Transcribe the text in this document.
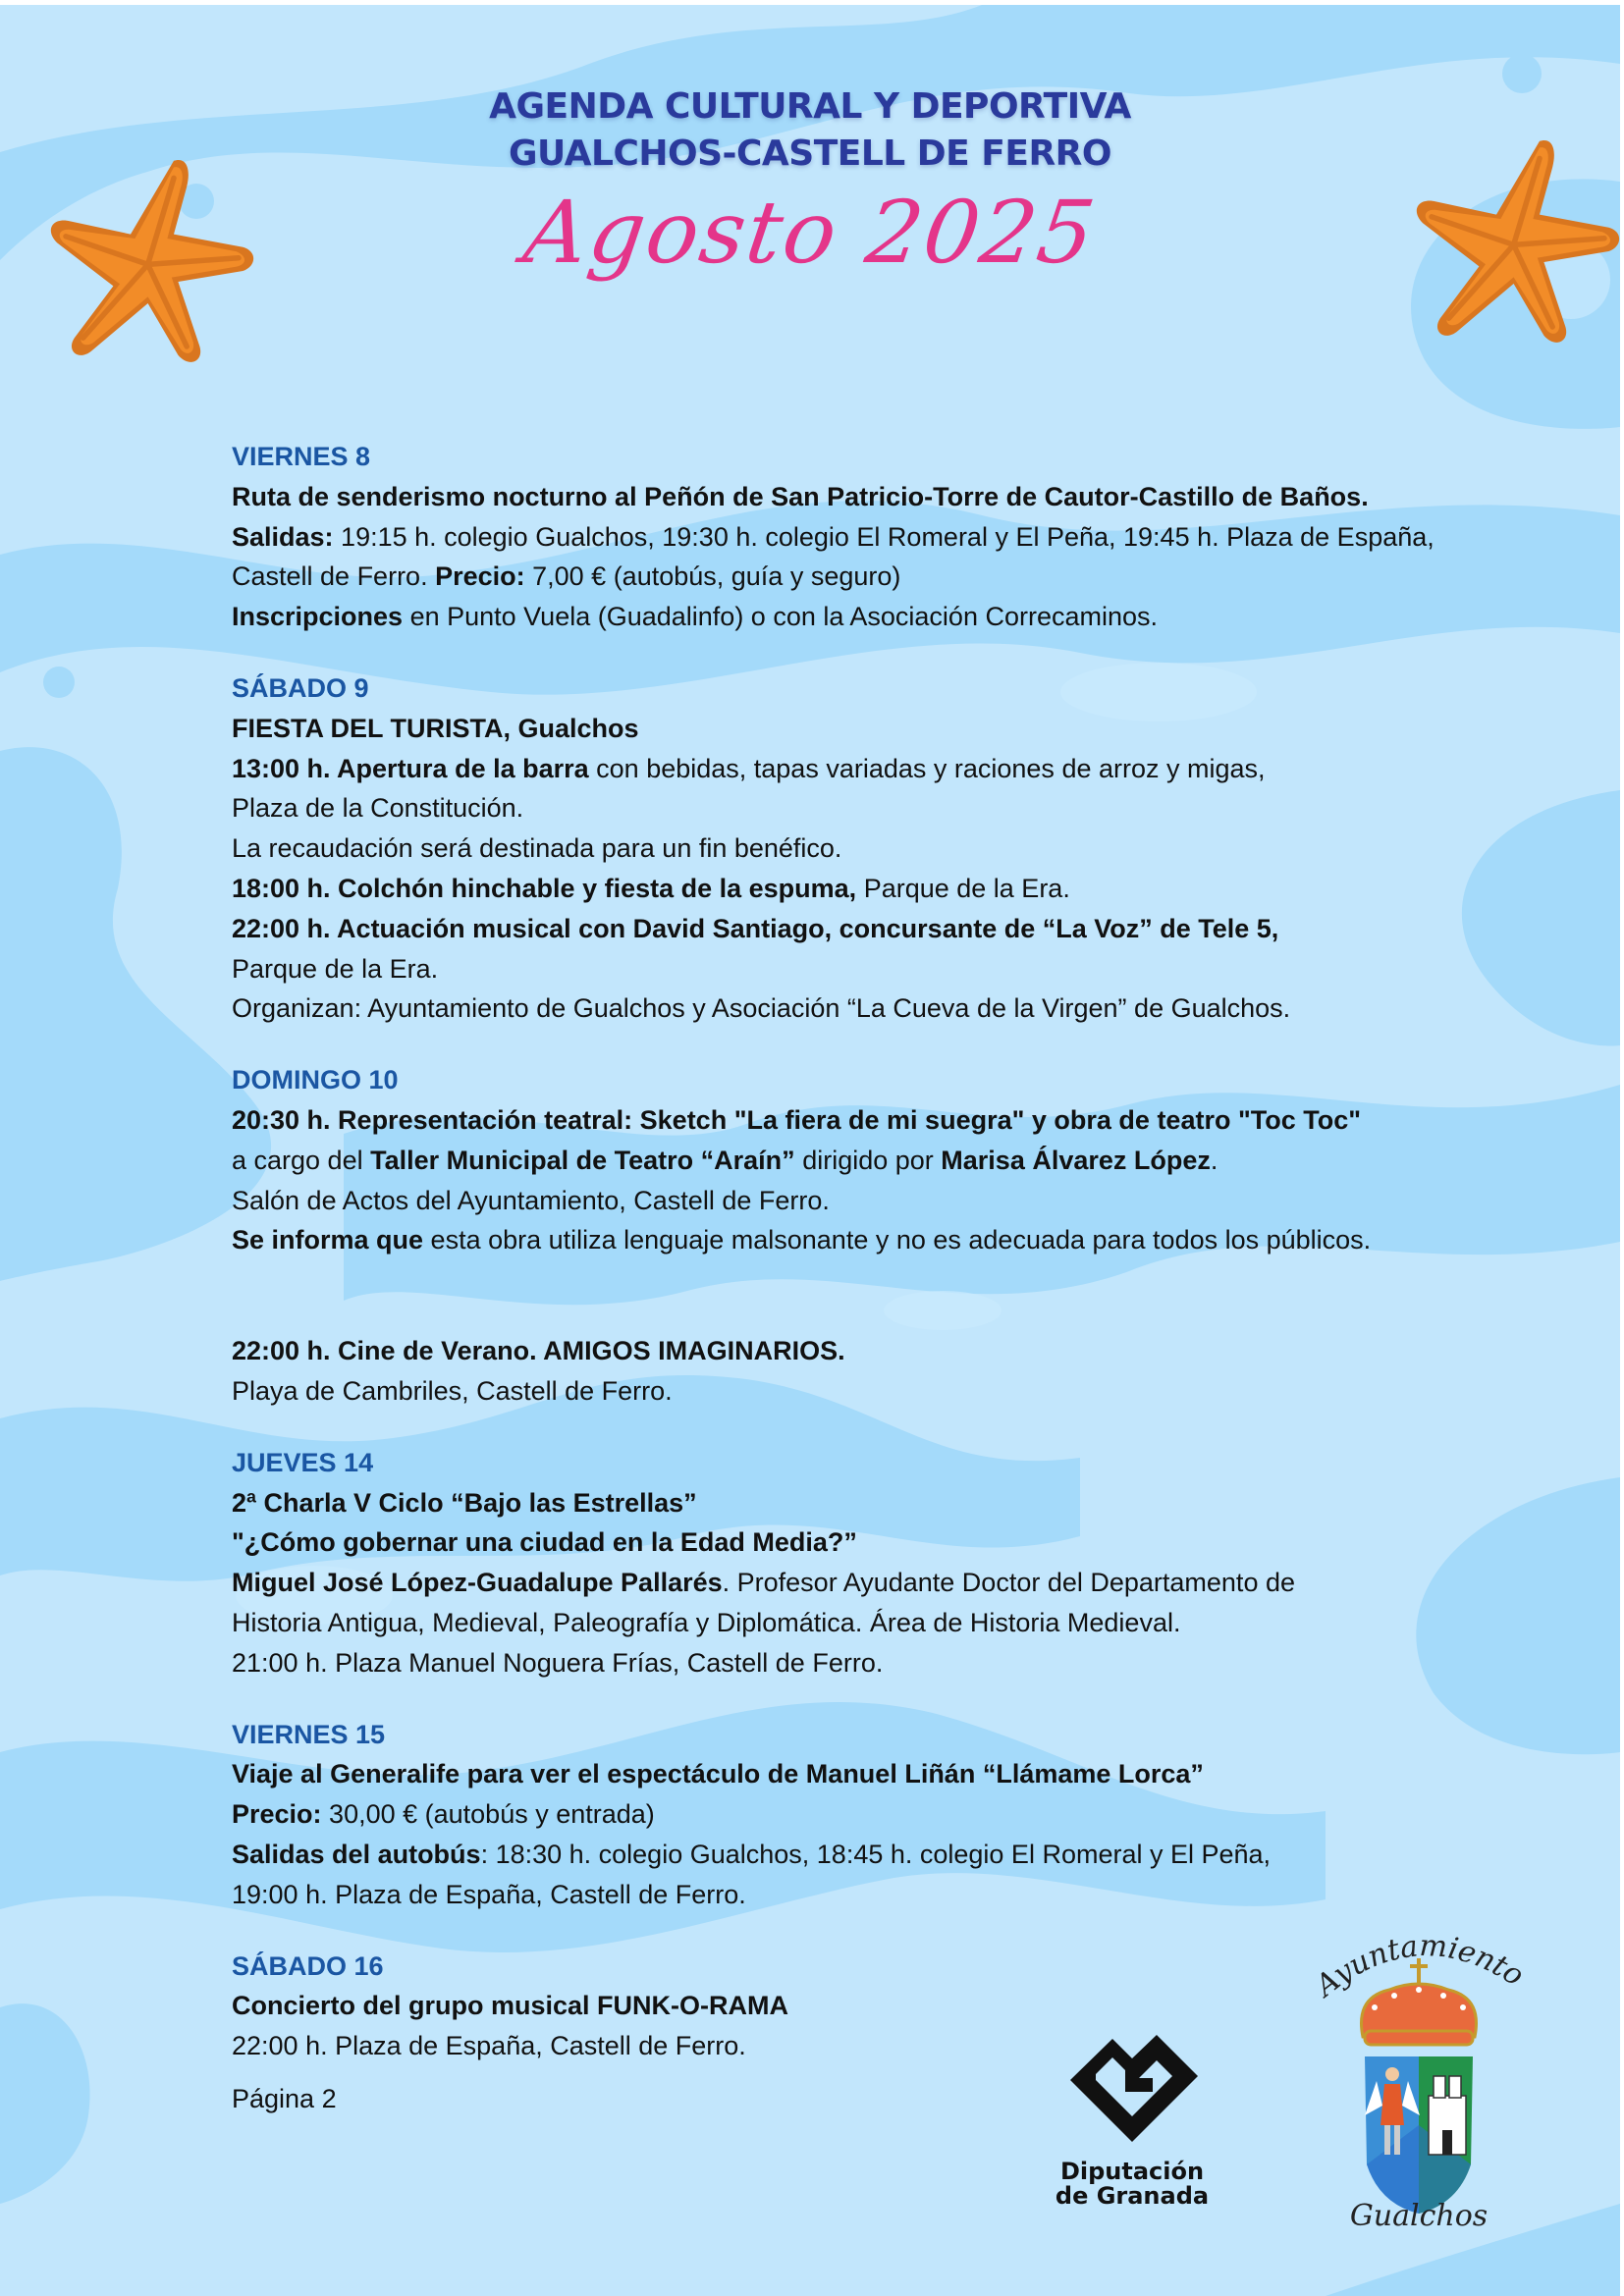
AGENDA CULTURAL Y DEPORTIVA
GUALCHOS-CASTELL DE FERRO
Agosto 2025
VIERNES 8
Ruta de senderismo nocturno al Peñón de San Patricio-Torre de Cautor-Castillo de Baños.
Salidas: 19:15 h. colegio Gualchos, 19:30 h. colegio El Romeral y El Peña, 19:45 h. Plaza de España,
Castell de Ferro. Precio: 7,00 € (autobús, guía y seguro)
Inscripciones en Punto Vuela (Guadalinfo) o con la Asociación Correcaminos.
SÁBADO 9
FIESTA DEL TURISTA, Gualchos
13:00 h. Apertura de la barra con bebidas, tapas variadas y raciones de arroz y migas,
Plaza de la Constitución.
La recaudación será destinada para un fin benéfico.
18:00 h. Colchón hinchable y fiesta de la espuma, Parque de la Era.
22:00 h. Actuación musical con David Santiago, concursante de “La Voz” de Tele 5,
Parque de la Era.
Organizan: Ayuntamiento de Gualchos y Asociación “La Cueva de la Virgen” de Gualchos.
DOMINGO 10
20:30 h. Representación teatral: Sketch "La fiera de mi suegra" y obra de teatro "Toc Toc"
a cargo del Taller Municipal de Teatro “Araín” dirigido por Marisa Álvarez López.
Salón de Actos del Ayuntamiento, Castell de Ferro.
Se informa que esta obra utiliza lenguaje malsonante y no es adecuada para todos los públicos.
22:00 h. Cine de Verano. AMIGOS IMAGINARIOS.
Playa de Cambriles, Castell de Ferro.
JUEVES 14
2ª Charla V Ciclo “Bajo las Estrellas”
"¿Cómo gobernar una ciudad en la Edad Media?”
Miguel José López-Guadalupe Pallarés. Profesor Ayudante Doctor del Departamento de
Historia Antigua, Medieval, Paleografía y Diplomática. Área de Historia Medieval.
21:00 h. Plaza Manuel Noguera Frías, Castell de Ferro.
VIERNES 15
Viaje al Generalife para ver el espectáculo de Manuel Liñán “Llámame Lorca”
Precio: 30,00 € (autobús y entrada)
Salidas del autobús: 18:30 h. colegio Gualchos, 18:45 h. colegio El Romeral y El Peña,
19:00 h. Plaza de España, Castell de Ferro.
SÁBADO 16
Concierto del grupo musical FUNK-O-RAMA
22:00 h. Plaza de España, Castell de Ferro.
Página 2
Diputación
de Granada
Ayuntamiento
Gualchos
